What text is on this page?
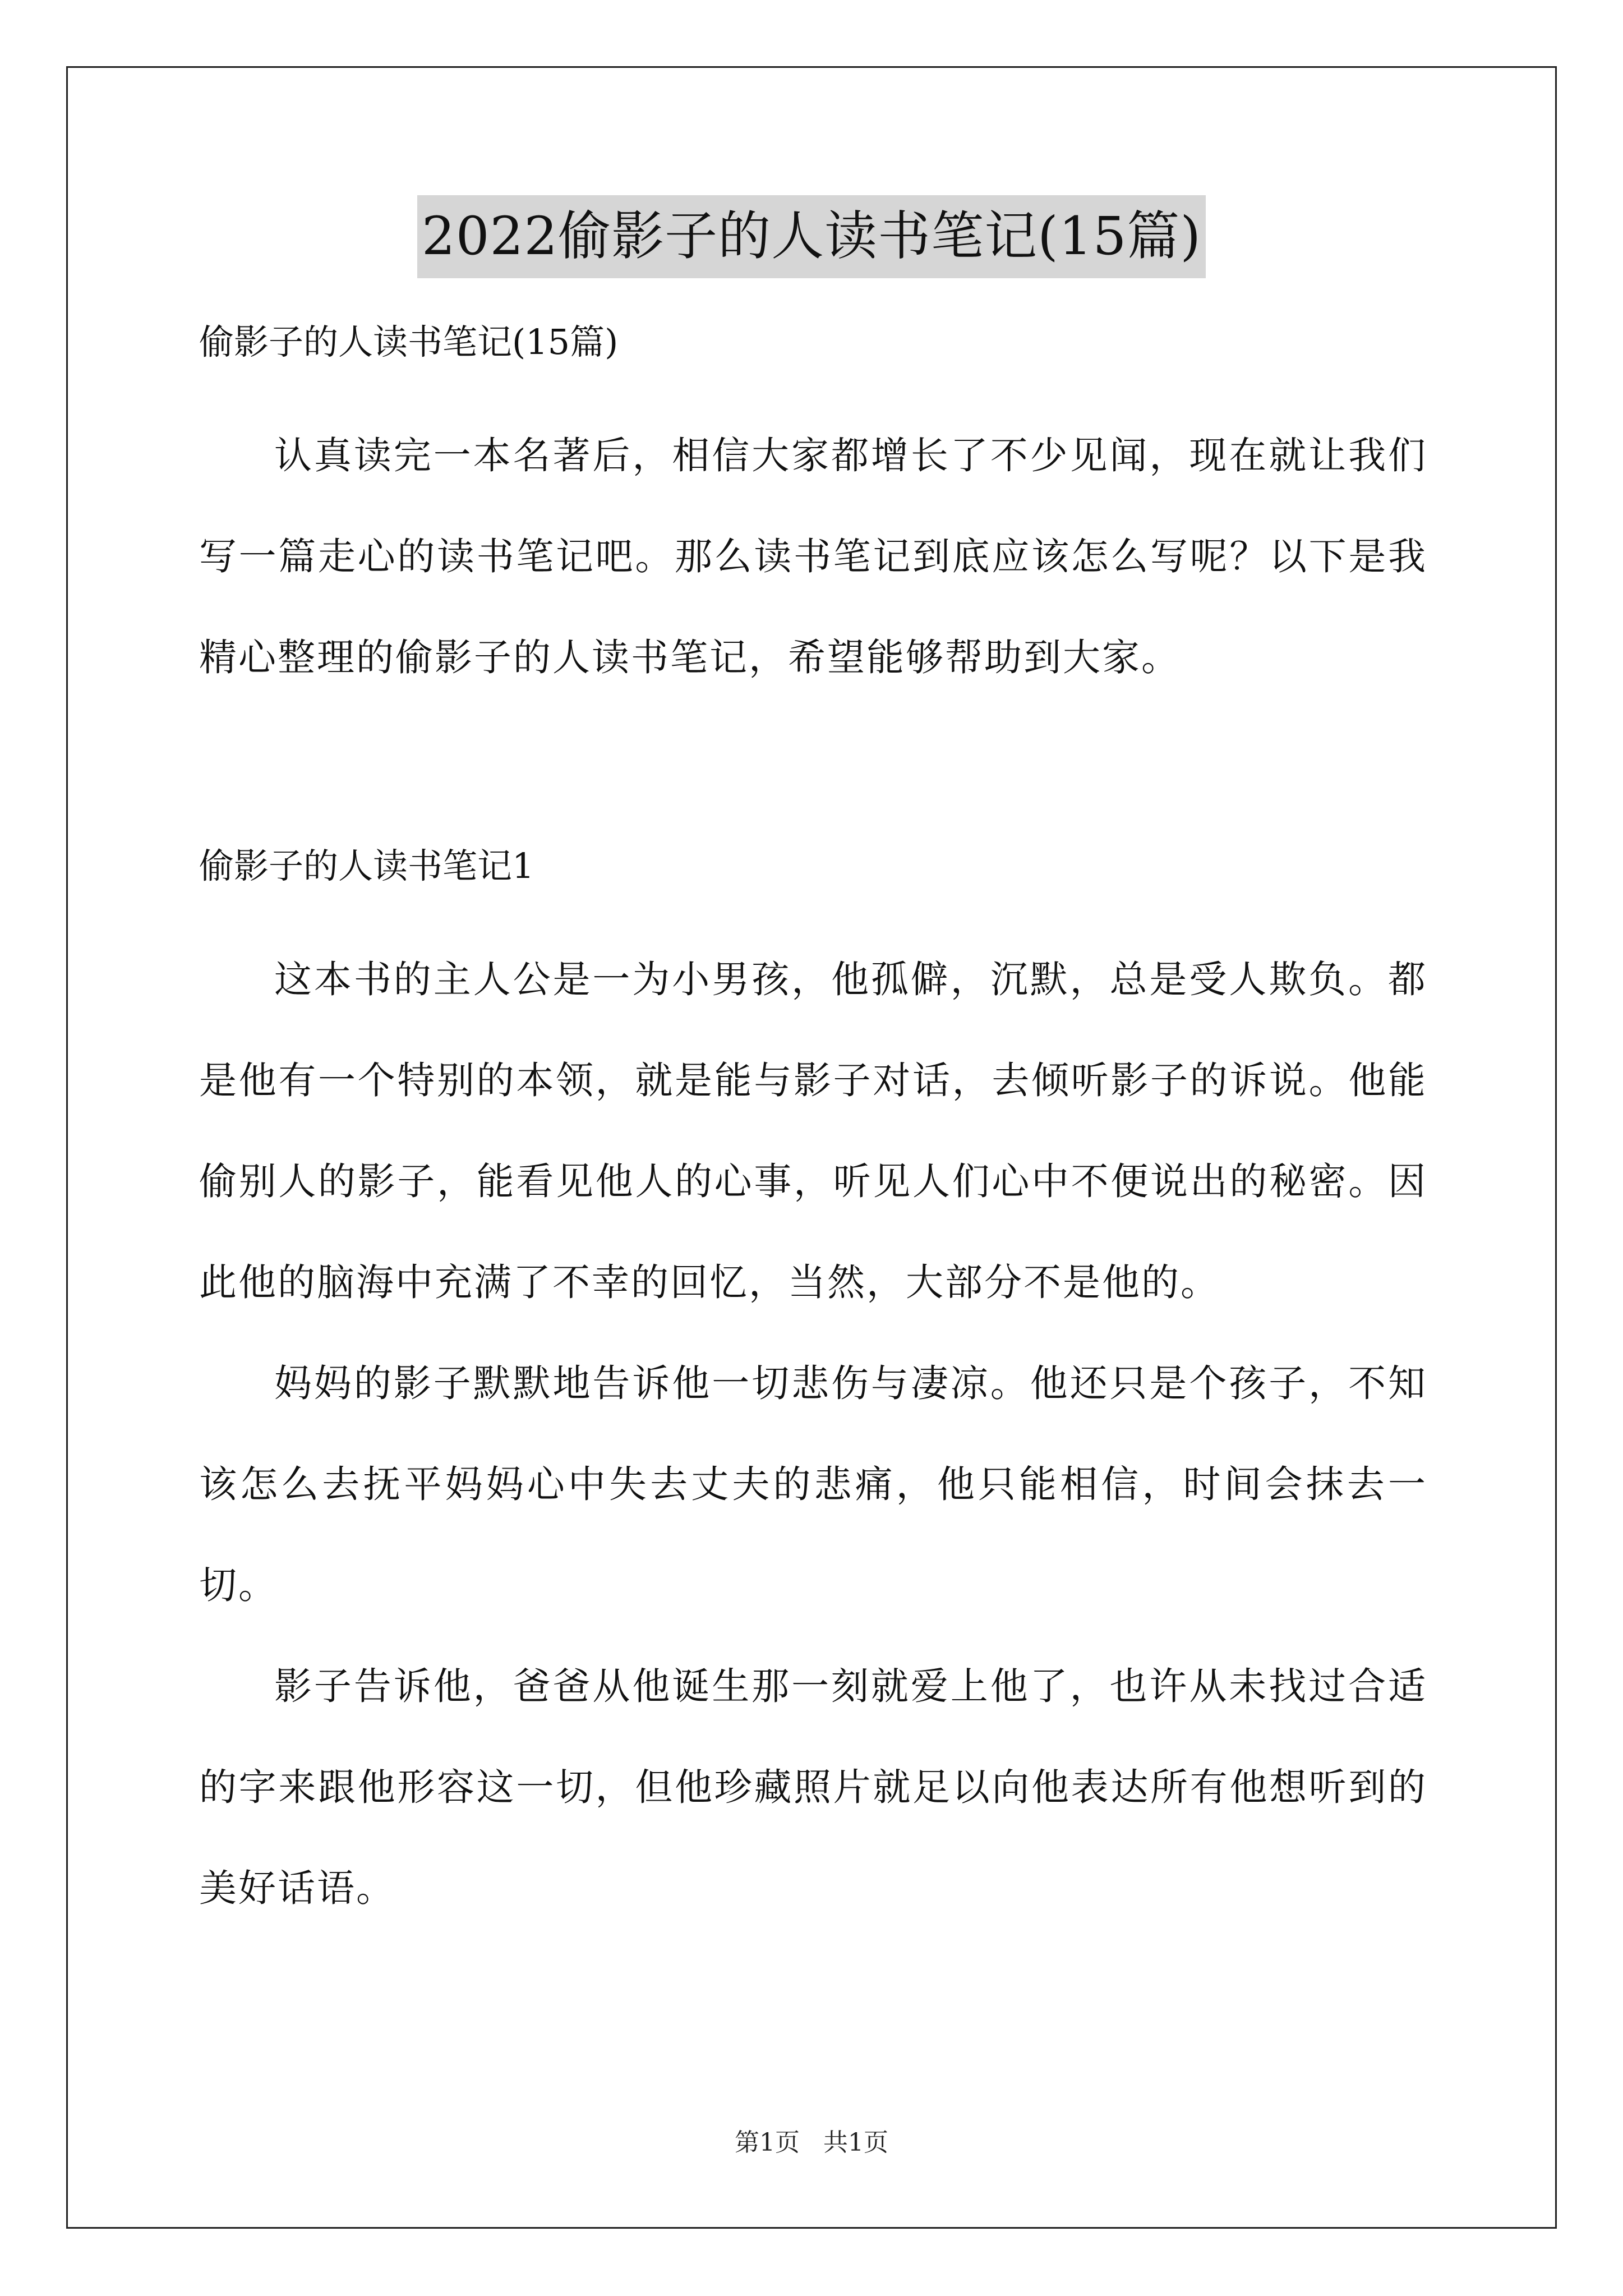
2022偷影子的人读书笔记(15篇)
偷影子的人读书笔记(15篇)

认真读完一本名著后，相信大家都增长了不少见闻，现在就让我们写一篇走心的读书笔记吧。那么读书笔记到底应该怎么写呢？以下是我精心整理的偷影子的人读书笔记，希望能够帮助到大家。

偷影子的人读书笔记1

这本书的主人公是一为小男孩，他孤僻，沉默，总是受人欺负。都是他有一个特别的本领，就是能与影子对话，去倾听影子的诉说。他能偷别人的影子，能看见他人的心事，听见人们心中不便说出的秘密。因此他的脑海中充满了不幸的回忆，当然，大部分不是他的。

妈妈的影子默默地告诉他一切悲伤与凄凉。他还只是个孩子，不知该怎么去抚平妈妈心中失去丈夫的悲痛，他只能相信，时间会抹去一切。

影子告诉他，爸爸从他诞生那一刻就爱上他了，也许从未找过合适的字来跟他形容这一切，但他珍藏照片就足以向他表达所有他想听到的美好话语。

第1页 共1页
